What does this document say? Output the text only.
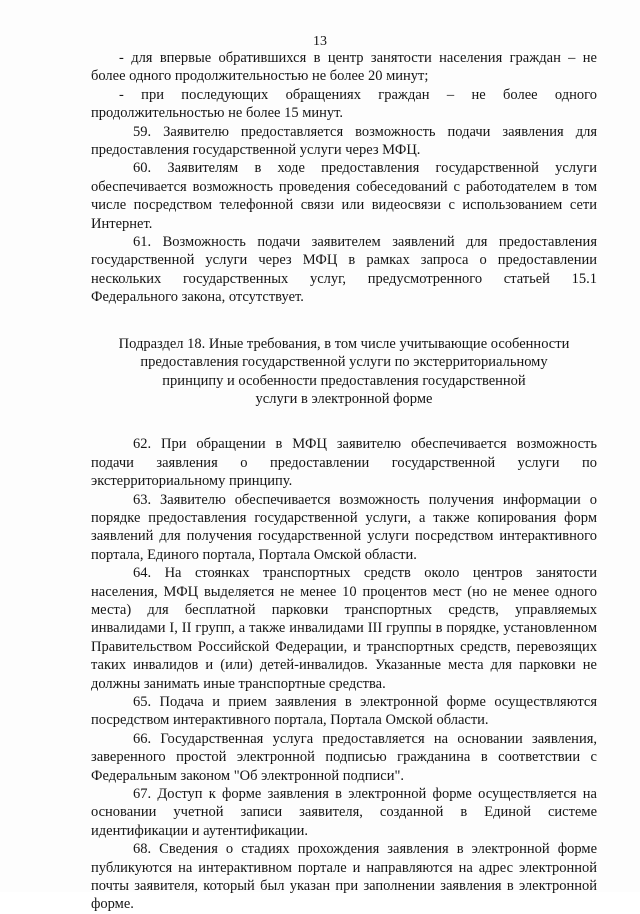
13

- для впервые обратившихся в центр занятости населения граждан – не более одного продолжительностью не более 20 минут;

- при последующих обращениях граждан – не более одного продолжительностью не более 15 минут.

59. Заявителю предоставляется возможность подачи заявления для предоставления государственной услуги через МФЦ.

60. Заявителям в ходе предоставления государственной услуги обеспечивается возможность проведения собеседований с работодателем в том числе посредством телефонной связи или видеосвязи с использованием сети Интернет.

61. Возможность подачи заявителем заявлений для предоставления государственной услуги через МФЦ в рамках запроса о предоставлении нескольких государственных услуг, предусмотренного статьей 15.1 Федерального закона, отсутствует.

Подраздел 18. Иные требования, в том числе учитывающие особенности
предоставления государственной услуги по экстерриториальному
принципу и особенности предоставления государственной
услуги в электронной форме

62. При обращении в МФЦ заявителю обеспечивается возможность подачи заявления о предоставлении государственной услуги по экстерриториальному принципу.

63. Заявителю обеспечивается возможность получения информации о порядке предоставления государственной услуги, а также копирования форм заявлений для получения государственной услуги посредством интерактивного портала, Единого портала, Портала Омской области.

64. На стоянках транспортных средств около центров занятости населения, МФЦ выделяется не менее 10 процентов мест (но не менее одного места) для бесплатной парковки транспортных средств, управляемых инвалидами I, II групп, а также инвалидами III группы в порядке, установленном Правительством Российской Федерации, и транспортных средств, перевозящих таких инвалидов и (или) детей-инвалидов. Указанные места для парковки не должны занимать иные транспортные средства.

65. Подача и прием заявления в электронной форме осуществляются посредством интерактивного портала, Портала Омской области.

66. Государственная услуга предоставляется на основании заявления, заверенного простой электронной подписью гражданина в соответствии с Федеральным законом "Об электронной подписи".

67. Доступ к форме заявления в электронной форме осуществляется на основании учетной записи заявителя, созданной в Единой системе идентификации и аутентификации.

68. Сведения о стадиях прохождения заявления в электронной форме публикуются на интерактивном портале и направляются на адрес электронной почты заявителя, который был указан при заполнении заявления в электронной форме.
